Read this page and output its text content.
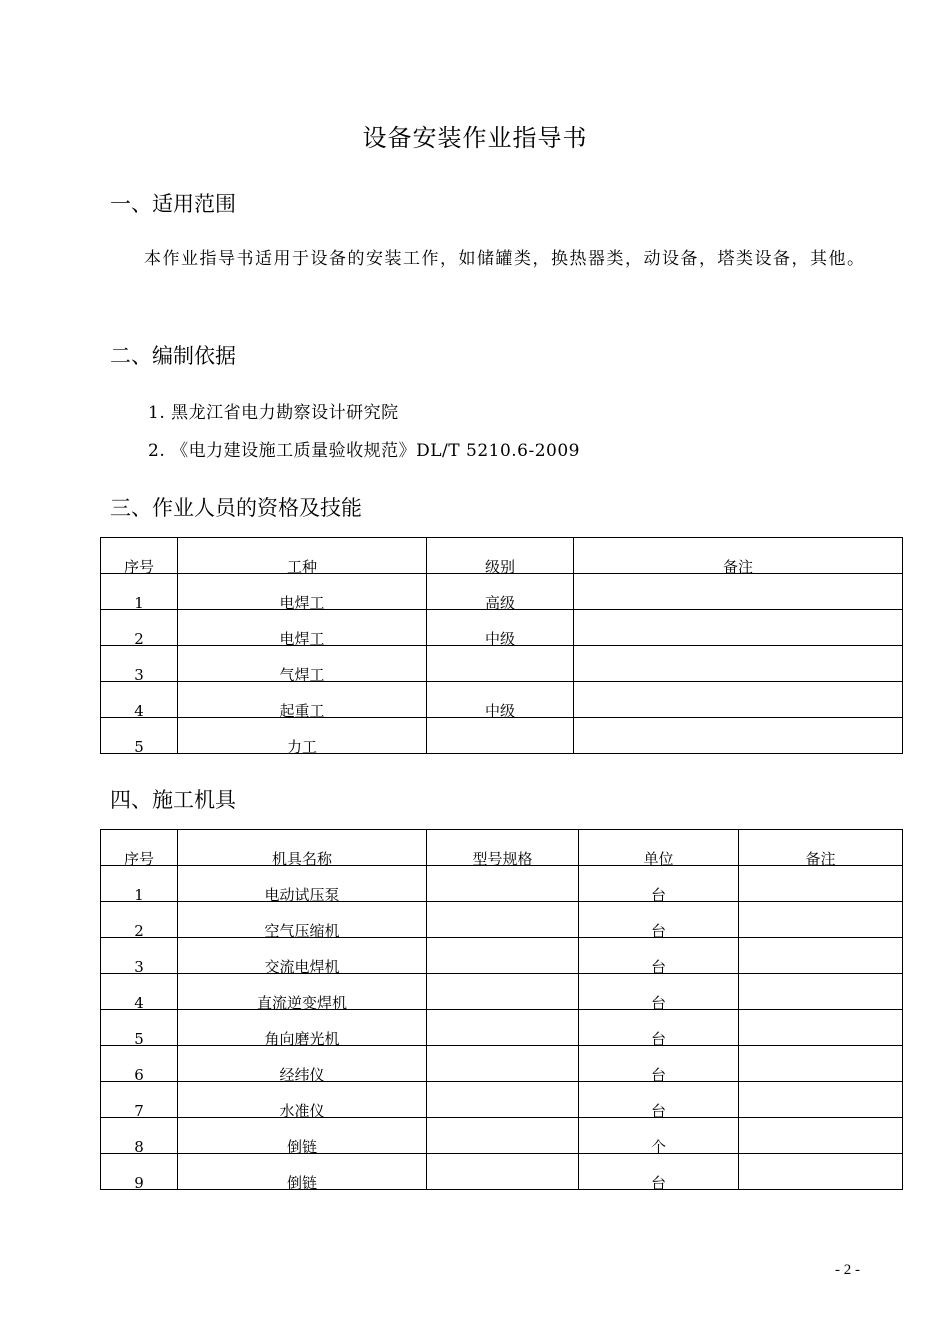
设备安装作业指导书
一、适用范围
本作业指导书适用于设备的安装工作，如储罐类，换热器类，动设备，塔类设备，其他。
二、编制依据
1. 黑龙江省电力勘察设计研究院
2. 《电力建设施工质量验收规范》DL/T 5210.6-2009
三、作业人员的资格及技能
序号	工种	级别	备注
1	电焊工	高级	
2	电焊工	中级	
3	气焊工		
4	起重工	中级	
5	力工		
四、施工机具
序号	机具名称	型号规格	单位	备注
1	电动试压泵		台	
2	空气压缩机		台	
3	交流电焊机		台	
4	直流逆变焊机		台	
5	角向磨光机		台	
6	经纬仪		台	
7	水准仪		台	
8	倒链		个	
9	倒链		台	
- 2 -
